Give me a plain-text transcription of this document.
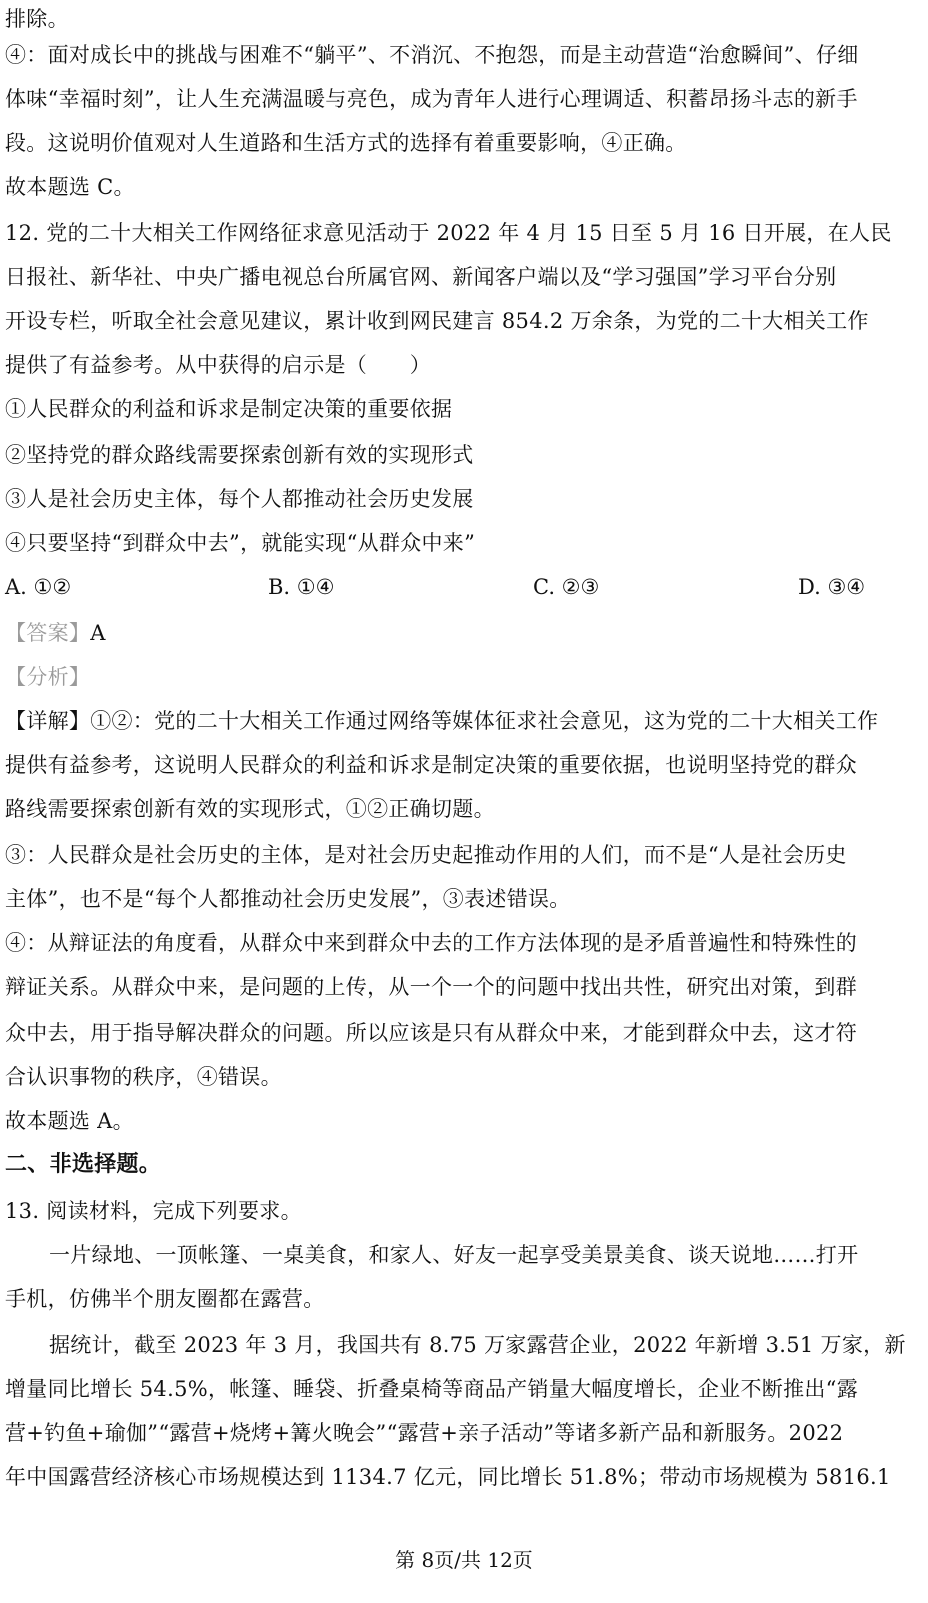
排除。
④：面对成长中的挑战与困难不“躺平”、不消沉、不抱怨，而是主动营造“治愈瞬间”、仔细
体味“幸福时刻”，让人生充满温暖与亮色，成为青年人进行心理调适、积蓄昂扬斗志的新手
段。这说明价值观对人生道路和生活方式的选择有着重要影响，④正确。
故本题选 C。
12. 党的二十大相关工作网络征求意见活动于 2022 年 4 月 15 日至 5 月 16 日开展，在人民
日报社、新华社、中央广播电视总台所属官网、新闻客户端以及“学习强国”学习平台分别
开设专栏，听取全社会意见建议，累计收到网民建言 854.2 万余条，为党的二十大相关工作
提供了有益参考。从中获得的启示是（　　）
①人民群众的利益和诉求是制定决策的重要依据
②坚持党的群众路线需要探索创新有效的实现形式
③人是社会历史主体，每个人都推动社会历史发展
④只要坚持“到群众中去”，就能实现“从群众中来”
A. ①②	B. ①④	C. ②③	D. ③④
【答案】A
【分析】
【详解】①②：党的二十大相关工作通过网络等媒体征求社会意见，这为党的二十大相关工作
提供有益参考，这说明人民群众的利益和诉求是制定决策的重要依据，也说明坚持党的群众
路线需要探索创新有效的实现形式，①②正确切题。
③：人民群众是社会历史的主体，是对社会历史起推动作用的人们，而不是“人是社会历史
主体”，也不是“每个人都推动社会历史发展”，③表述错误。
④：从辩证法的角度看，从群众中来到群众中去的工作方法体现的是矛盾普遍性和特殊性的
辩证关系。从群众中来，是问题的上传，从一个一个的问题中找出共性，研究出对策，到群
众中去，用于指导解决群众的问题。所以应该是只有从群众中来，才能到群众中去，这才符
合认识事物的秩序，④错误。
故本题选 A。
二、非选择题。
13. 阅读材料，完成下列要求。
一片绿地、一顶帐篷、一桌美食，和家人、好友一起享受美景美食、谈天说地……打开
手机，仿佛半个朋友圈都在露营。
据统计，截至 2023 年 3 月，我国共有 8.75 万家露营企业，2022 年新增 3.51 万家，新
增量同比增长 54.5%，帐篷、睡袋、折叠桌椅等商品产销量大幅度增长，企业不断推出“露
营+钓鱼+瑜伽”“露营+烧烤+篝火晚会”“露营+亲子活动”等诸多新产品和新服务。2022
年中国露营经济核心市场规模达到 1134.7 亿元，同比增长 51.8%；带动市场规模为 5816.1
第 8页/共 12页
